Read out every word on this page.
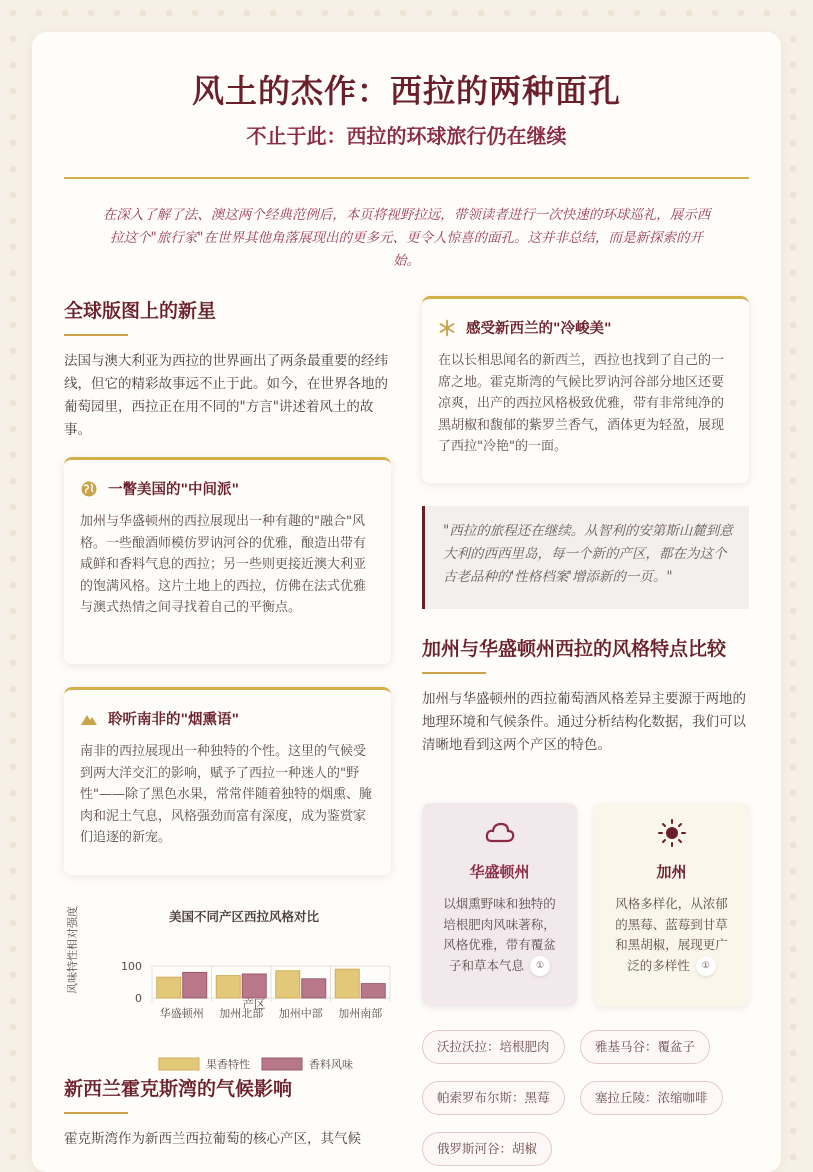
风土的杰作：西拉的两种面孔
不止于此：西拉的环球旅行仍在继续
在深入了解了法、澳这两个经典范例后，本页将视野拉远，带领读者进行一次快速的环球巡礼，展示西拉这个"旅行家"在世界其他角落展现出的更多元、更令人惊喜的面孔。这并非总结，而是新探索的开始。
全球版图上的新星
法国与澳大利亚为西拉的世界画出了两条最重要的经纬线，但它的精彩故事远不止于此。如今，在世界各地的葡萄园里，西拉正在用不同的"方言"讲述着风土的故事。
一瞥美国的"中间派"
加州与华盛顿州的西拉展现出一种有趣的"融合"风格。一些酿酒师模仿罗讷河谷的优雅，酿造出带有咸鲜和香料气息的西拉；另一些则更接近澳大利亚的饱满风格。这片土地上的西拉，仿佛在法式优雅与澳式热情之间寻找着自己的平衡点。
聆听南非的"烟熏语"
南非的西拉展现出一种独特的个性。这里的气候受到两大洋交汇的影响，赋予了西拉一种迷人的"野性"——除了黑色水果，常常伴随着独特的烟熏、腌肉和泥土气息，风格强劲而富有深度，成为鉴赏家们追逐的新宠。
美国不同产区西拉风格对比
风味特性相对强度
0
100
华盛顿州 加州北部 加州中部 加州南部
产区
果香特性	香料风味
新西兰霍克斯湾的气候影响
霍克斯湾作为新西兰西拉葡萄的核心产区，其气候
感受新西兰的"冷峻美"
在以长相思闻名的新西兰，西拉也找到了自己的一席之地。霍克斯湾的气候比罗讷河谷部分地区还要凉爽，出产的西拉风格极致优雅，带有非常纯净的黑胡椒和馥郁的紫罗兰香气，酒体更为轻盈，展现了西拉"冷艳"的一面。
"西拉的旅程还在继续。从智利的安第斯山麓到意大利的西西里岛，每一个新的产区，都在为这个古老品种的'性格档案'增添新的一页。"
加州与华盛顿州西拉的风格特点比较
加州与华盛顿州的西拉葡萄酒风格差异主要源于两地的地理环境和气候条件。通过分析结构化数据，我们可以清晰地看到这两个产区的特色。
华盛顿州
以烟熏野味和独特的培根肥肉风味著称，风格优雅，带有覆盆子和草本气息 ①
加州
风格多样化，从浓郁的黑莓、蓝莓到甘草和黑胡椒，展现更广泛的多样性 ①
沃拉沃拉：培根肥肉	雅基马谷：覆盆子
帕索罗布尔斯：黑莓	塞拉丘陵：浓缩咖啡
俄罗斯河谷：胡椒
